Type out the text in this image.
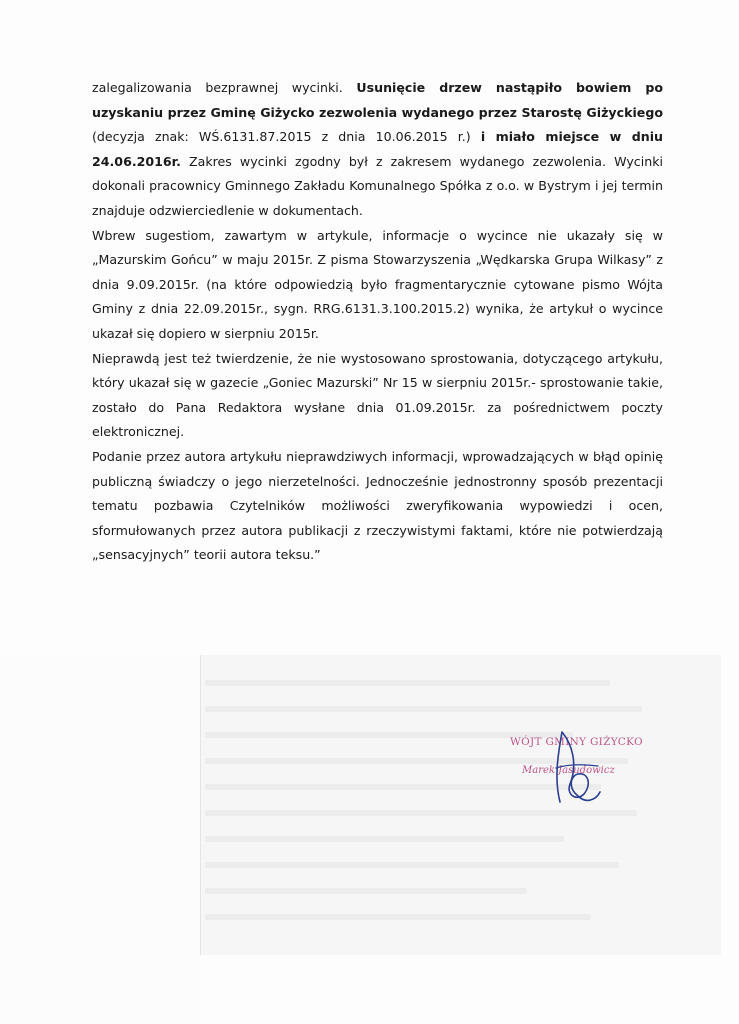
zalegalizowania bezprawnej wycinki. Usunięcie drzew nastąpiło bowiem po uzyskaniu przez Gminę Giżycko zezwolenia wydanego przez Starostę Giżyckiego (decyzja znak: WŚ.6131.87.2015 z dnia 10.06.2015 r.) i miało miejsce w dniu 24.06.2016r. Zakres wycinki zgodny był z zakresem wydanego zezwolenia. Wycinki dokonali pracownicy Gminnego Zakładu Komunalnego Spółka z o.o. w Bystrym i jej termin znajduje odzwierciedlenie w dokumentach.

Wbrew sugestiom, zawartym w artykule, informacje o wycince nie ukazały się w „Mazurskim Gońcu” w maju 2015r. Z pisma Stowarzyszenia „Wędkarska Grupa Wilkasy” z dnia 9.09.2015r. (na które odpowiedzią było fragmentarycznie cytowane pismo Wójta Gminy z dnia 22.09.2015r., sygn. RRG.6131.3.100.2015.2) wynika, że artykuł o wycince ukazał się dopiero w sierpniu 2015r.

Nieprawdą jest też twierdzenie, że nie wystosowano sprostowania, dotyczącego artykułu, który ukazał się w gazecie „Goniec Mazurski” Nr 15 w sierpniu 2015r.- sprostowanie takie, zostało do Pana Redaktora wysłane dnia 01.09.2015r. za pośrednictwem poczty elektronicznej.

Podanie przez autora artykułu nieprawdziwych informacji, wprowadzających w błąd opinię publiczną świadczy o jego nierzetelności. Jednocześnie jednostronny sposób prezentacji tematu pozbawia Czytelników możliwości zweryfikowania wypowiedzi i ocen, sformułowanych przez autora publikacji z rzeczywistymi faktami, które nie potwierdzają „sensacyjnych” teorii autora teksu.”

WÓJT GMINY GIŻYCKO
Marek Jasudowicz
